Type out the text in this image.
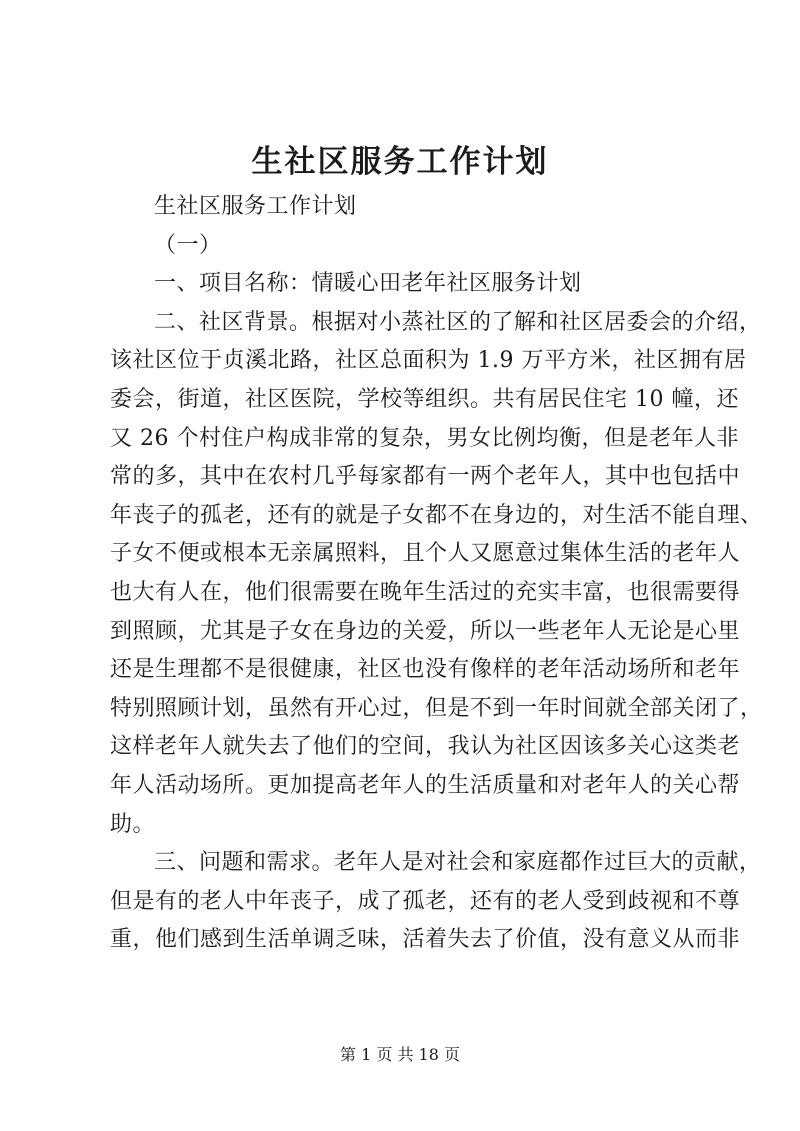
生社区服务工作计划
生社区服务工作计划
（一）
一、项目名称：情暖心田老年社区服务计划
二、社区背景。根据对小蒸社区的了解和社区居委会的介绍，
该社区位于贞溪北路，社区总面积为 1.9 万平方米，社区拥有居
委会，街道，社区医院，学校等组织。共有居民住宅 10 幢，还
又 26 个村住户构成非常的复杂，男女比例均衡，但是老年人非
常的多，其中在农村几乎每家都有一两个老年人，其中也包括中
年丧子的孤老，还有的就是子女都不在身边的，对生活不能自理、
子女不便或根本无亲属照料，且个人又愿意过集体生活的老年人
也大有人在，他们很需要在晚年生活过的充实丰富，也很需要得
到照顾，尤其是子女在身边的关爱，所以一些老年人无论是心里
还是生理都不是很健康，社区也没有像样的老年活动场所和老年
特别照顾计划，虽然有开心过，但是不到一年时间就全部关闭了，
这样老年人就失去了他们的空间，我认为社区因该多关心这类老
年人活动场所。更加提高老年人的生活质量和对老年人的关心帮
助。
三、问题和需求。老年人是对社会和家庭都作过巨大的贡献，
但是有的老人中年丧子，成了孤老，还有的老人受到歧视和不尊
重，他们感到生活单调乏味，活着失去了价值，没有意义从而非
第 1 页 共 18 页
